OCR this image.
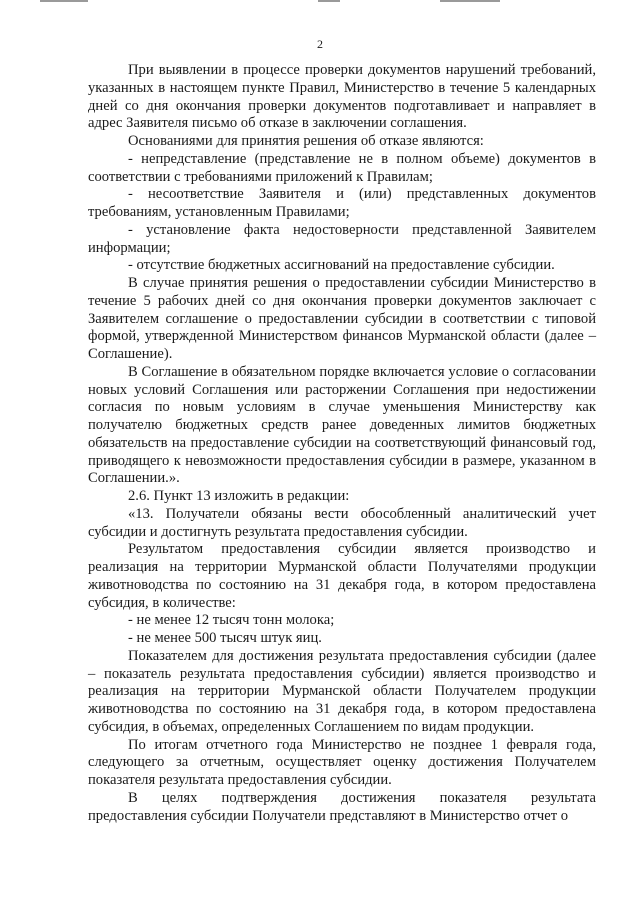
2

При выявлении в процессе проверки документов нарушений требований, указанных в настоящем пункте Правил, Министерство в течение 5 календарных дней со дня окончания проверки документов подготавливает и направляет в адрес Заявителя письмо об отказе в заключении соглашения.

Основаниями для принятия решения об отказе являются:

- непредставление (представление не в полном объеме) документов в соответствии с требованиями приложений к Правилам;

- несоответствие Заявителя и (или) представленных документов требованиям, установленным Правилами;

- установление факта недостоверности представленной Заявителем информации;

- отсутствие бюджетных ассигнований на предоставление субсидии.

В случае принятия решения о предоставлении субсидии Министерство в течение 5 рабочих дней со дня окончания проверки документов заключает с Заявителем соглашение о предоставлении субсидии в соответствии с типовой формой, утвержденной Министерством финансов Мурманской области (далее – Соглашение).

В Соглашение в обязательном порядке включается условие о согласовании новых условий Соглашения или расторжении Соглашения при недостижении согласия по новым условиям в случае уменьшения Министерству как получателю бюджетных средств ранее доведенных лимитов бюджетных обязательств на предоставление субсидии на соответствующий финансовый год, приводящего к невозможности предоставления субсидии в размере, указанном в Соглашении.».

2.6. Пункт 13 изложить в редакции:

«13. Получатели обязаны вести обособленный аналитический учет субсидии и достигнуть результата предоставления субсидии.

Результатом предоставления субсидии является производство и реализация на территории Мурманской области Получателями продукции животноводства по состоянию на 31 декабря года, в котором предоставлена субсидия, в количестве:

- не менее 12 тысяч тонн молока;

- не менее 500 тысяч штук яиц.

Показателем для достижения результата предоставления субсидии (далее – показатель результата предоставления субсидии) является производство и реализация на территории Мурманской области Получателем продукции животноводства по состоянию на 31 декабря года, в котором предоставлена субсидия, в объемах, определенных Соглашением по видам продукции.

По итогам отчетного года Министерство не позднее 1 февраля года, следующего за отчетным, осуществляет оценку достижения Получателем показателя результата предоставления субсидии.

В целях подтверждения достижения показателя результата предоставления субсидии Получатели представляют в Министерство отчет о
